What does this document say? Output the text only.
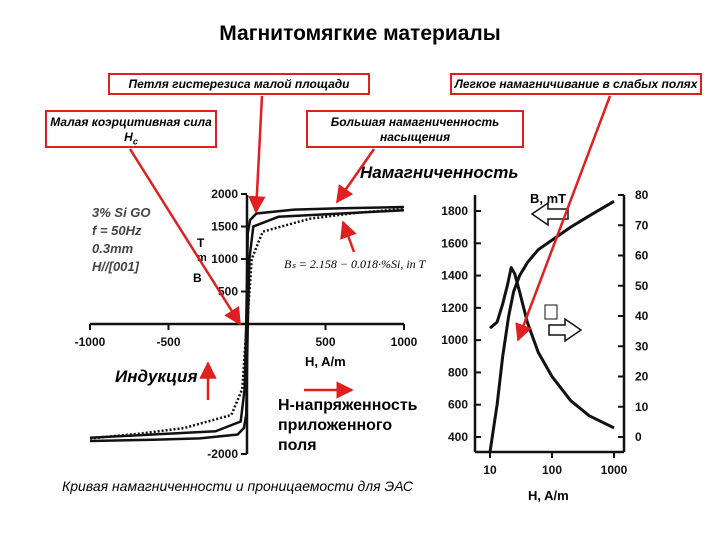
Магнитомягкие материалы
Петля гистерезиса малой площади	Легкое намагничивание в слабых полях
Малая коэрцитивная сила $H_c$
Большая намагниченность насыщения
3% Si GO
f = 50Hz
0.3mm
H//[001]
Намагниченность
Bₛ = 2.158 − 0.018·%Si, in T
Индукция
H-напряженность приложенного поля
Кривая намагниченности и проницаемости для ЭАС
-1000	-500	500	1000
2000
1500
1000
500
-2000
T
m
B
H, A/m
10	100	1000
400
600
800
1000
1200
1400
1600
1800
0
10
20
30
40
50
60
70
80
B, mT
H, A/m
